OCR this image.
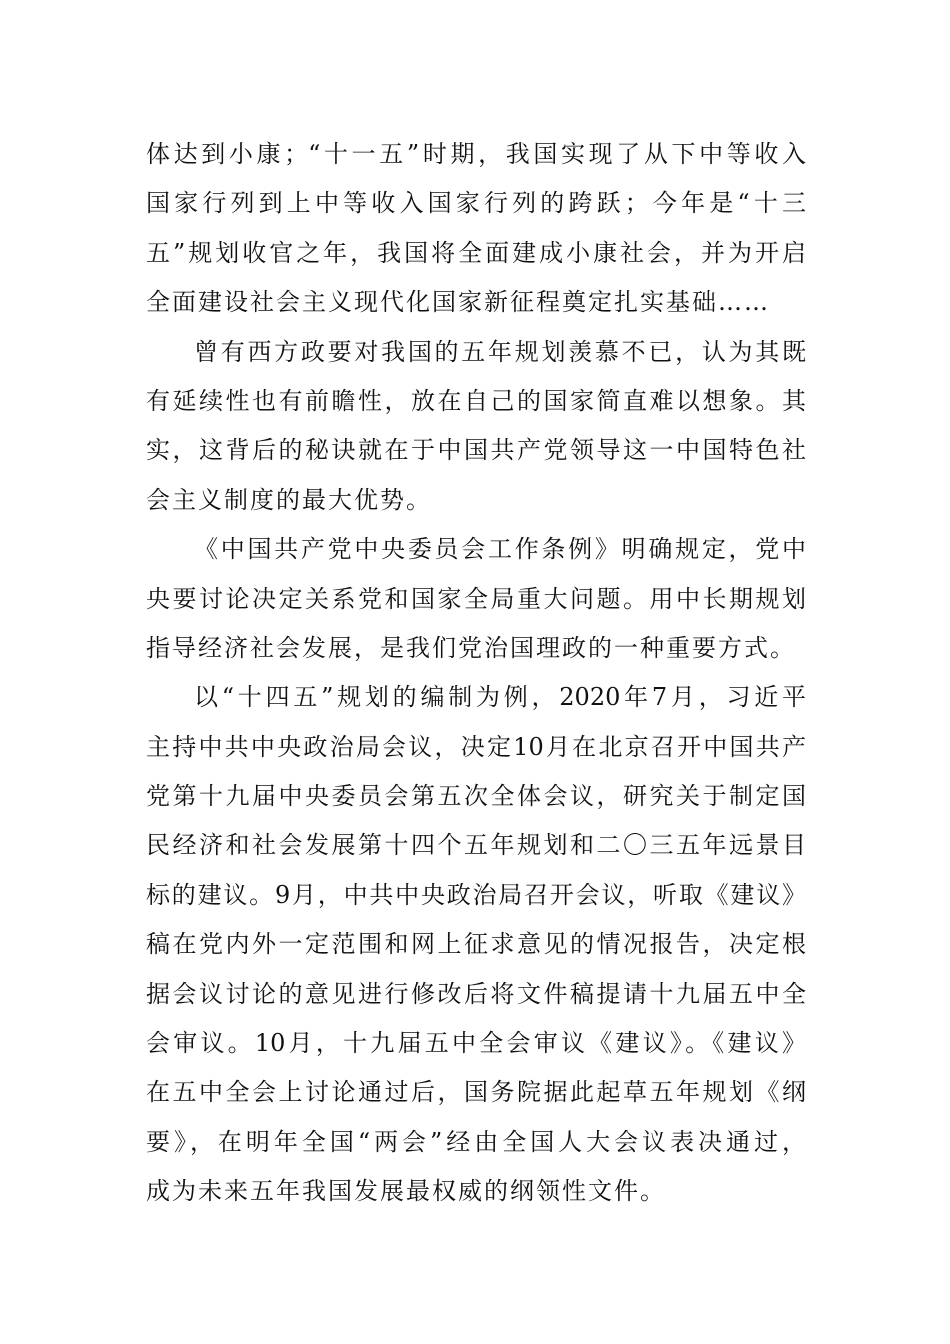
体达到小康；“十一五”时期，我国实现了从下中等收入
国家行列到上中等收入国家行列的跨跃；今年是“十三
五”规划收官之年，我国将全面建成小康社会，并为开启
全面建设社会主义现代化国家新征程奠定扎实基础……
曾有西方政要对我国的五年规划羡慕不已，认为其既
有延续性也有前瞻性，放在自己的国家简直难以想象。其
实，这背后的秘诀就在于中国共产党领导这一中国特色社
会主义制度的最大优势。
《中国共产党中央委员会工作条例》明确规定，党中
央要讨论决定关系党和国家全局重大问题。用中长期规划
指导经济社会发展，是我们党治国理政的一种重要方式。
以“十四五”规划的编制为例，2020年7月，习近平
主持中共中央政治局会议，决定10月在北京召开中国共产
党第十九届中央委员会第五次全体会议，研究关于制定国
民经济和社会发展第十四个五年规划和二〇三五年远景目
标的建议。9月，中共中央政治局召开会议，听取《建议》
稿在党内外一定范围和网上征求意见的情况报告，决定根
据会议讨论的意见进行修改后将文件稿提请十九届五中全
会审议。10月，十九届五中全会审议《建议》。《建议》
在五中全会上讨论通过后，国务院据此起草五年规划《纲
要》，在明年全国“两会”经由全国人大会议表决通过，
成为未来五年我国发展最权威的纲领性文件。
